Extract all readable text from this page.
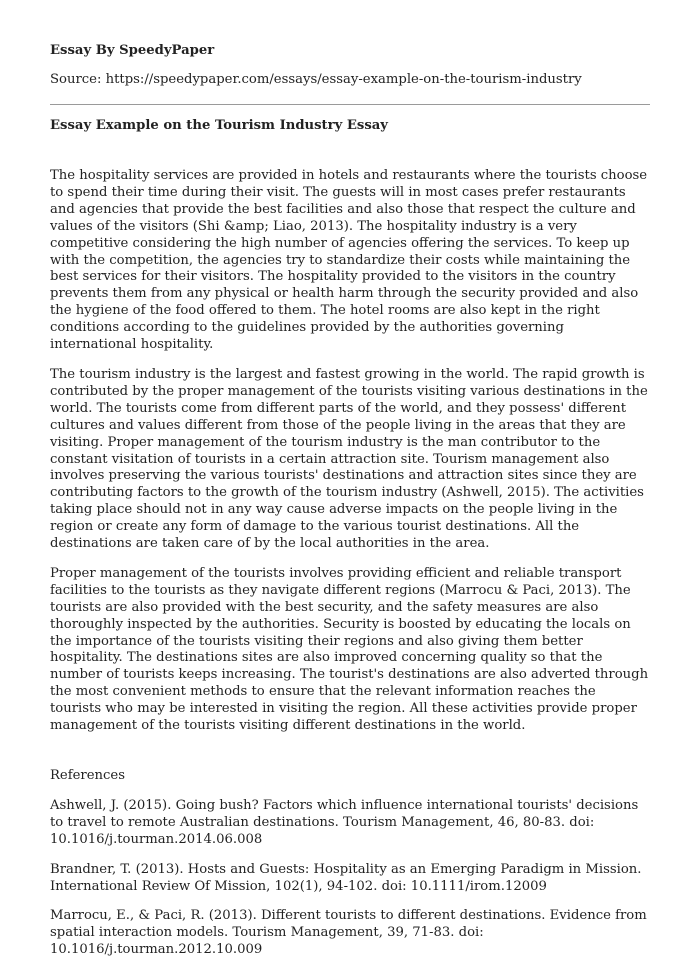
Essay By SpeedyPaper

Source: https://speedypaper.com/essays/essay-example-on-the-tourism-industry

Essay Example on the Tourism Industry Essay

The hospitality services are provided in hotels and restaurants where the tourists choose to spend their time during their visit. The guests will in most cases prefer restaurants and agencies that provide the best facilities and also those that respect the culture and values of the visitors (Shi &amp; Liao, 2013). The hospitality industry is a very competitive considering the high number of agencies offering the services. To keep up with the competition, the agencies try to standardize their costs while maintaining the best services for their visitors. The hospitality provided to the visitors in the country prevents them from any physical or health harm through the security provided and also the hygiene of the food offered to them. The hotel rooms are also kept in the right conditions according to the guidelines provided by the authorities governing international hospitality.

The tourism industry is the largest and fastest growing in the world. The rapid growth is contributed by the proper management of the tourists visiting various destinations in the world. The tourists come from different parts of the world, and they possess' different cultures and values different from those of the people living in the areas that they are visiting. Proper management of the tourism industry is the man contributor to the constant visitation of tourists in a certain attraction site. Tourism management also involves preserving the various tourists' destinations and attraction sites since they are contributing factors to the growth of the tourism industry (Ashwell, 2015). The activities taking place should not in any way cause adverse impacts on the people living in the region or create any form of damage to the various tourist destinations. All the destinations are taken care of by the local authorities in the area.

Proper management of the tourists involves providing efficient and reliable transport facilities to the tourists as they navigate different regions (Marrocu & Paci, 2013). The tourists are also provided with the best security, and the safety measures are also thoroughly inspected by the authorities. Security is boosted by educating the locals on the importance of the tourists visiting their regions and also giving them better hospitality. The destinations sites are also improved concerning quality so that the number of tourists keeps increasing. The tourist's destinations are also adverted through the most convenient methods to ensure that the relevant information reaches the tourists who may be interested in visiting the region. All these activities provide proper management of the tourists visiting different destinations in the world.

References

Ashwell, J. (2015). Going bush? Factors which influence international tourists' decisions to travel to remote Australian destinations. Tourism Management, 46, 80-83. doi: 10.1016/j.tourman.2014.06.008

Brandner, T. (2013). Hosts and Guests: Hospitality as an Emerging Paradigm in Mission. International Review Of Mission, 102(1), 94-102. doi: 10.1111/irom.12009

Marrocu, E., & Paci, R. (2013). Different tourists to different destinations. Evidence from spatial interaction models. Tourism Management, 39, 71-83. doi: 10.1016/j.tourman.2012.10.009
